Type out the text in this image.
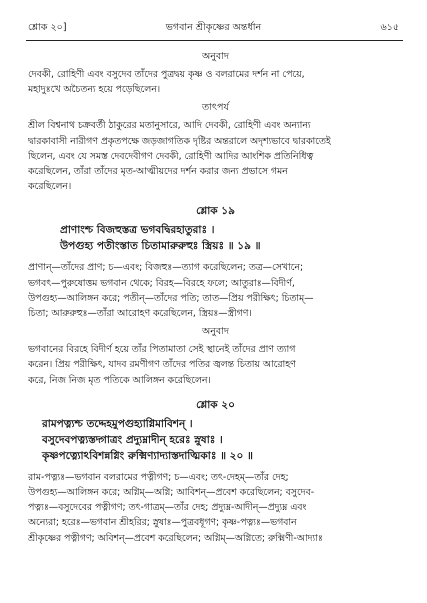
শ্লোক ২০]	ভগবান শ্রীকৃষ্ণের অন্তর্ধান	৬১৫
অনুবাদ

দেবকী, রোহিণী এবং বসুদেব তাঁদের পুত্রদ্বয় কৃষ্ণ ও বলরামের দর্শন না পেয়ে,

মহাদুঃখে অচৈতন্য হয়ে পড়েছিলেন।

তাৎপর্য

শ্রীল বিশ্বনাথ চক্রবর্তী ঠাকুরের মতানুসারে, আদি দেবকী, রোহিণী এবং অন্যান্য

দ্বারকাবাসী নারীগণ প্রকৃতপক্ষে জড়জাগতিক দৃষ্টির অন্তরালে অদৃশ্যভাবে দ্বারকাতেই

ছিলেন, এবং যে সমস্ত দেবদেবীগণ দেবকী, রোহিণী আদির আংশিক প্রতিনিধিত্ব

করেছিলেন, তাঁরা তাঁদের মৃত-আত্মীয়দের দর্শন করার জন্য প্রভাসে গমন

করেছিলেন।

শ্লোক ১৯

প্রাণাংশ্চ বিজহুস্তত্র ভগবদ্বিরহাতুরাঃ ।

উপগুহ্য পতীংস্তাত চিতামারুরুহুঃ স্ত্রিয়ঃ ॥ ১৯ ॥

প্রাণান্—তাঁদের প্রাণ; চ—এবং; বিজহুঃ—ত্যাগ করেছিলেন; তত্র—সেখানে;

ভগবৎ—পুরুষোত্তম ভগবান থেকে; বিরহ—বিরহে ফলে; আতুরাঃ—বিদীর্ণ,

উপগুহ্য—আলিঙ্গন করে; পতীন্—তাঁদের পতি; তাত—প্রিয় পরীক্ষিৎ; চিতাম্—

চিতা; আরুরুহুঃ—তাঁরা আরোহণ করেছিলেন, স্ত্রিয়ঃ—স্ত্রীগণ।

অনুবাদ

ভগবানের বিরহে বিদীর্ণ হয়ে তাঁর পিতামাতা সেই স্থানেই তাঁদের প্রাণ ত্যাগ

করেন। প্রিয় পরীক্ষিৎ, যাদব রমণীগণ তাঁদের পতির জ্বলন্ত চিতায় আরোহণ

করে, নিজ নিজ মৃত পতিকে আলিঙ্গন করেছিলেন।

শ্লোক ২০

রামপত্ন্যশ্চ তদ্দেহমুপগুহ্যাগ্নিমাবিশন্ ।

বসুদেবপত্ন্যস্তদ্গাত্রং প্রদ্যুম্নাদীন্ হরেঃ স্নুষাঃ ।

কৃষ্ণপত্ন্যোঽবিশন্নগ্নিং রুক্মিণ্যাদ্যাস্তদাত্মিকাঃ ॥ ২০ ॥

রাম-পত্ন্যঃ—ভগবান বলরামের পত্নীগণ; চ—এবং; তৎ-দেহম্—তাঁর দেহ;

উপগুহ্য—আলিঙ্গন করে; অগ্নিম্—অগ্নি; আবিশন্—প্রবেশ করেছিলেন; বসুদেব-

পত্ন্যঃ—বসুদেবের পত্নীগণ; তৎ-গাত্রম্—তাঁর দেহ; প্রদ্যুম্ন-আদীন্—প্রদ্যুম্ন এবং

অন্যেরা; হরেঃ—ভগবান শ্রীহরির; স্নুষাঃ—পুত্রবধূগণ; কৃষ্ণ-পত্ন্যঃ—ভগবান

শ্রীকৃষ্ণের পত্নীগণ; অবিশন্—প্রবেশ করেছিলেন; অগ্নিম্—অগ্নিতে; রুক্মিণী-আদ্যাঃ
